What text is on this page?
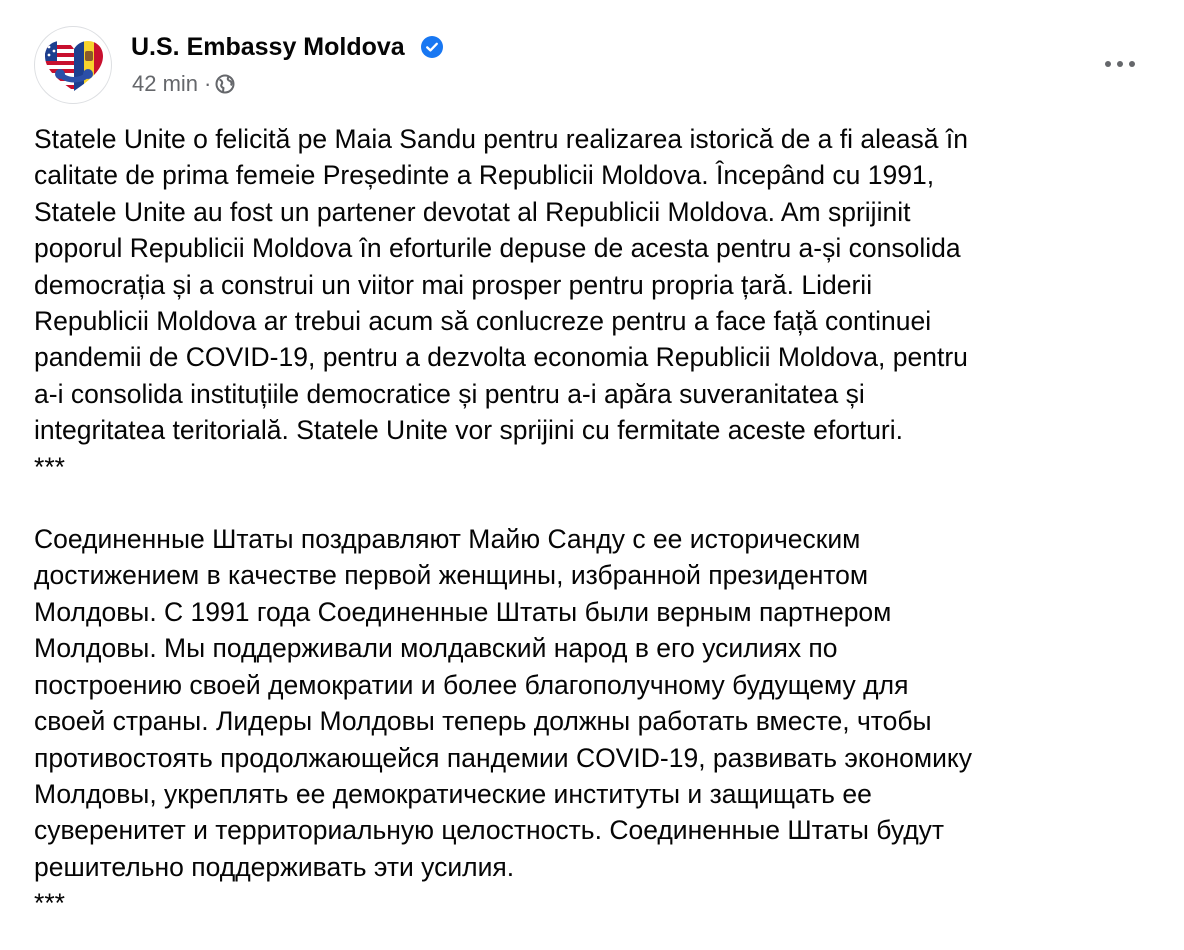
U.S. Embassy Moldova
42 min ·

Statele Unite o felicită pe Maia Sandu pentru realizarea istorică de a fi aleasă în
calitate de prima femeie Președinte a Republicii Moldova. Începând cu 1991,
Statele Unite au fost un partener devotat al Republicii Moldova. Am sprijinit
poporul Republicii Moldova în eforturile depuse de acesta pentru a-și consolida
democrația și a construi un viitor mai prosper pentru propria țară. Liderii
Republicii Moldova ar trebui acum să conlucreze pentru a face față continuei
pandemii de COVID-19, pentru a dezvolta economia Republicii Moldova, pentru
a-i consolida instituțiile democratice și pentru a-i apăra suveranitatea și
integritatea teritorială. Statele Unite vor sprijini cu fermitate aceste eforturi.
***

Соединенные Штаты поздравляют Майю Санду с ее историческим
достижением в качестве первой женщины, избранной президентом
Молдовы. С 1991 года Соединенные Штаты были верным партнером
Молдовы. Мы поддерживали молдавский народ в его усилиях по
построению своей демократии и более благополучному будущему для
своей страны. Лидеры Молдовы теперь должны работать вместе, чтобы
противостоять продолжающейся пандемии COVID-19, развивать экономику
Молдовы, укреплять ее демократические институты и защищать ее
суверенитет и территориальную целостность. Соединенные Штаты будут
решительно поддерживать эти усилия.
***
